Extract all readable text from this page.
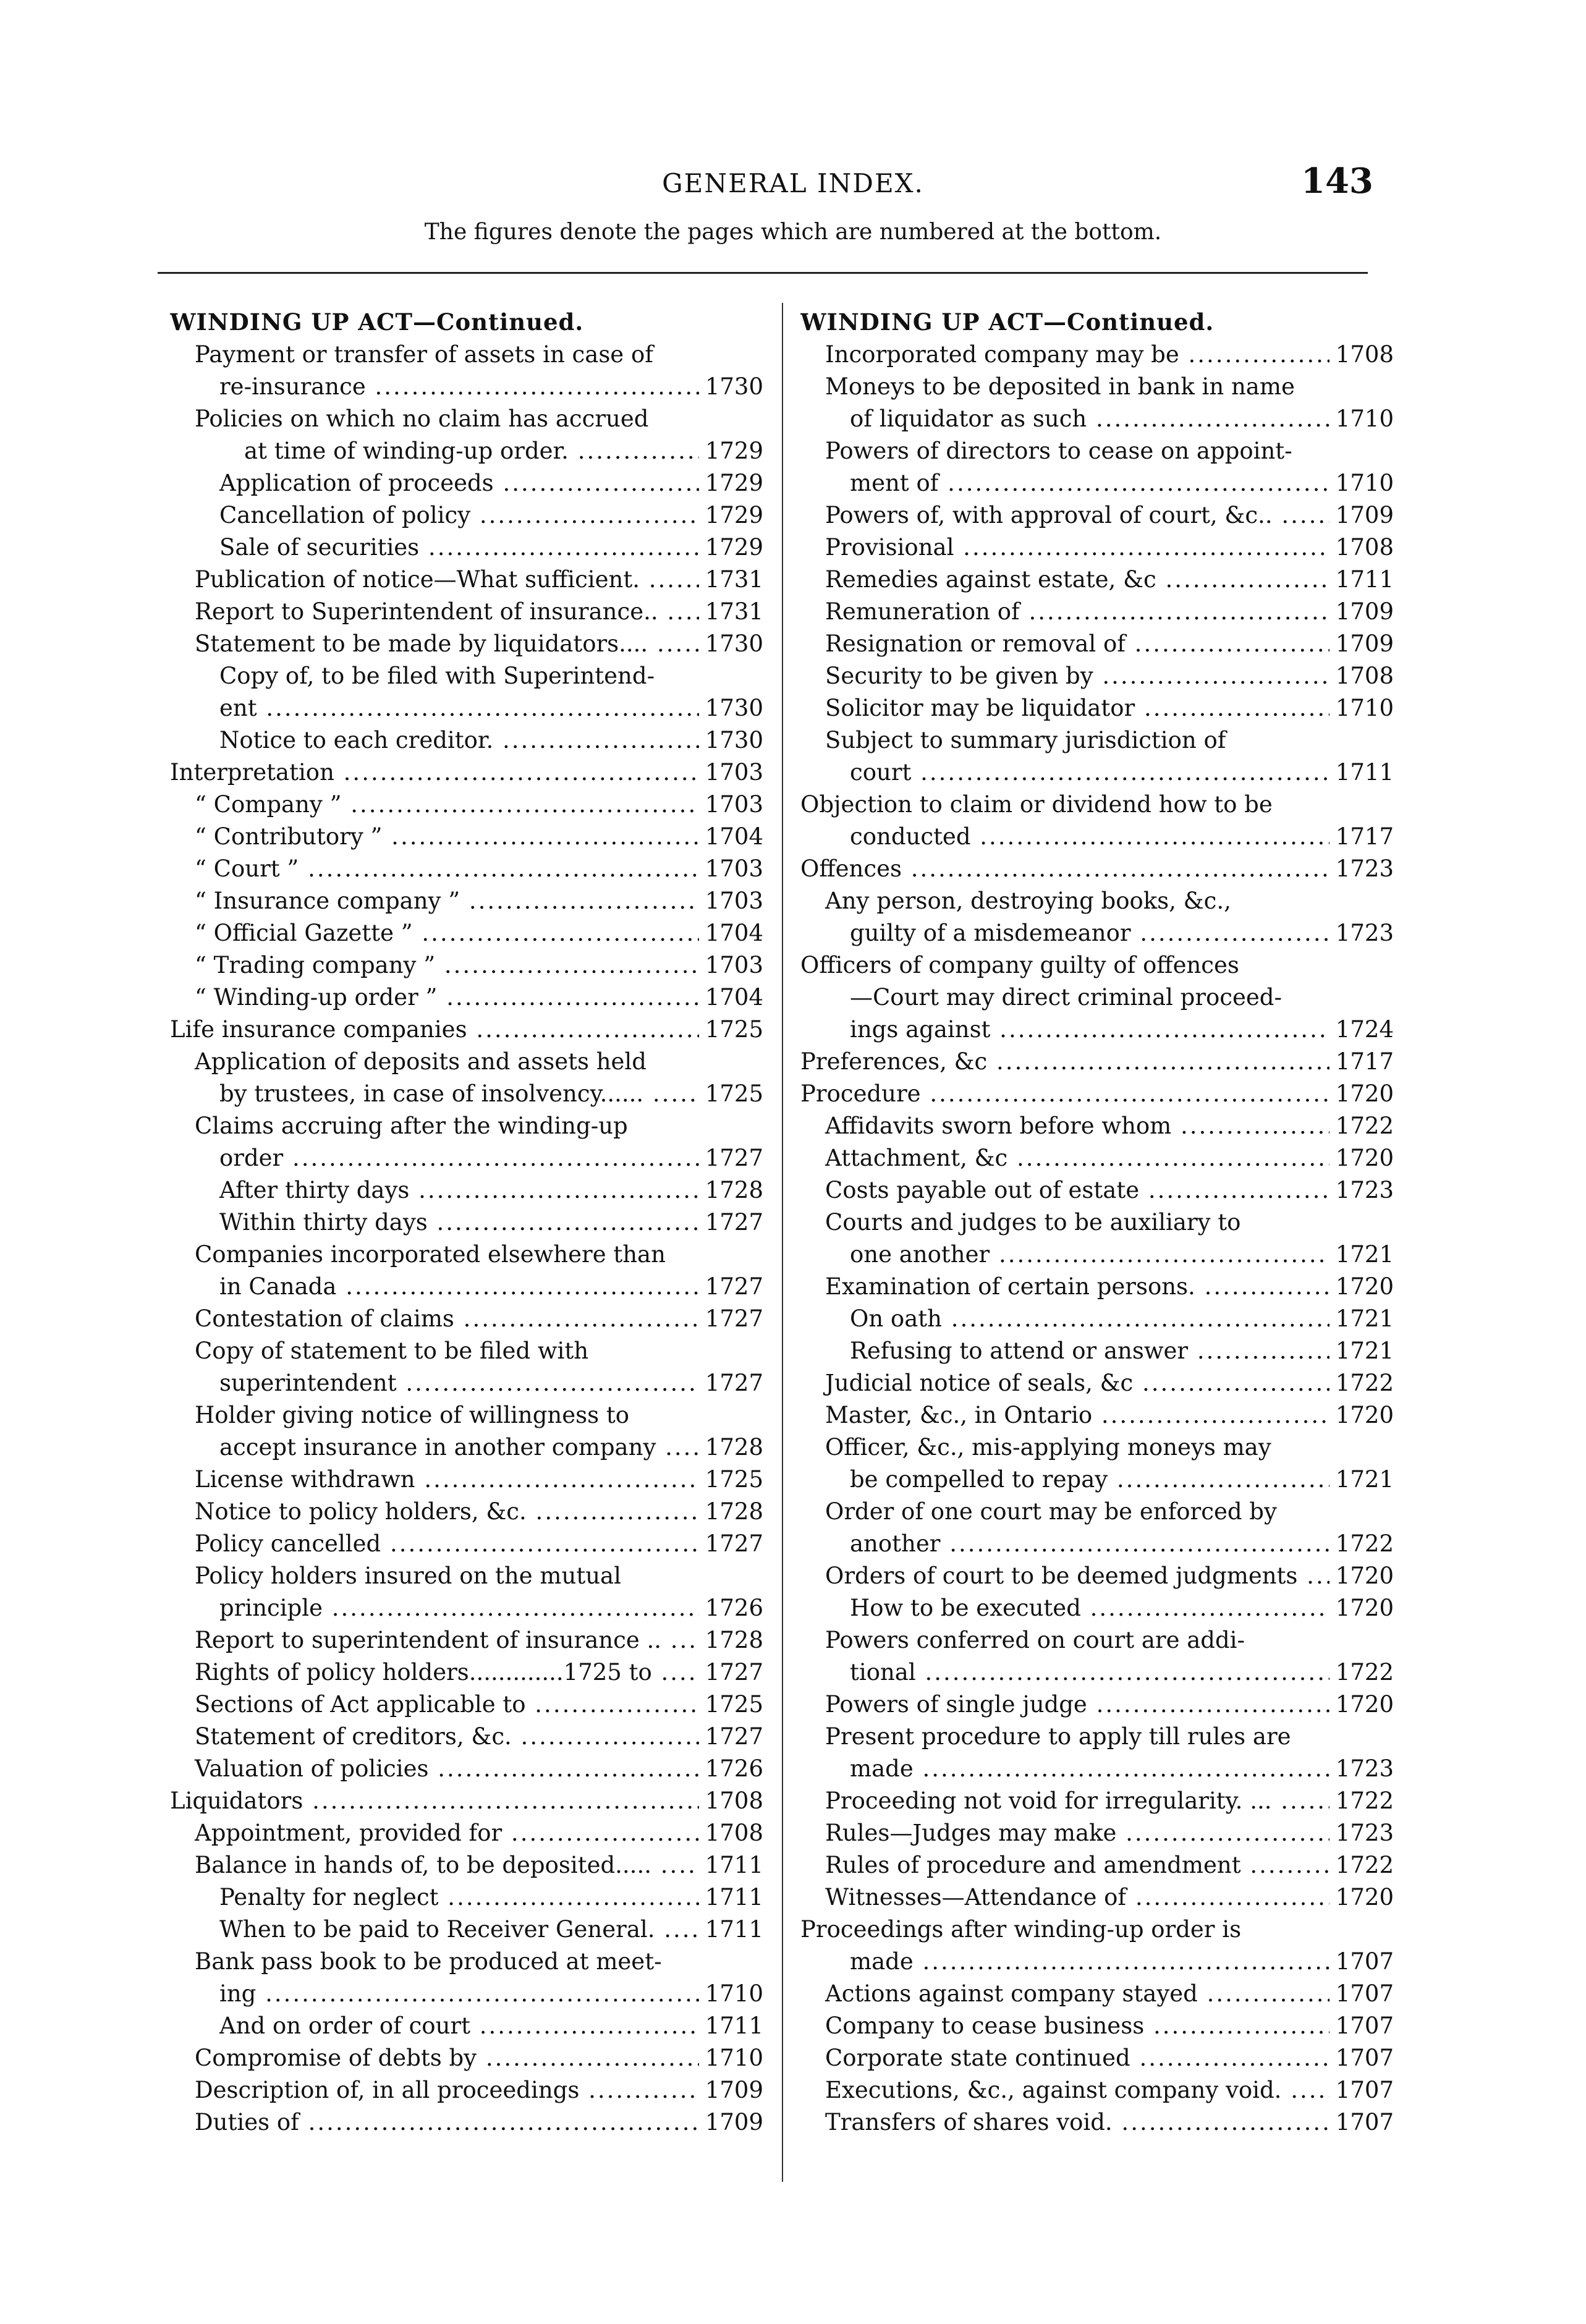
GENERAL INDEX.	143
The figures denote the pages which are numbered at the bottom.
WINDING UP ACT—Continued.
Payment or transfer of assets in case of
re-insurance .....	1730
Policies on which no claim has accrued
at time of winding-up order. .....	1729
Application of proceeds .....	1729
Cancellation of policy .....	1729
Sale of securities .....	1729
Publication of notice—What sufficient. .....	1731
Report to Superintendent of insurance.. ..... 1731
Statement to be made by liquidators.... .....	1730
Copy of, to be filed with Superintend-
ent .....	1730
Notice to each creditor. .....	1730
Interpretation .....	1703
“ Company ” .....	1703
“ Contributory ” .....	1704
“ Court ” .....	1703
“ Insurance company ” .....	1703
“ Official Gazette ” .....	1704
“ Trading company ” .....	1703
“ Winding-up order ” .....	1704
Life insurance companies .....	1725
Application of deposits and assets held
by trustees, in case of insolvency...... .....	1725
Claims accruing after the winding-up
order .....	1727
After thirty days .....	1728
Within thirty days .....	1727
Companies incorporated elsewhere than
in Canada .....	1727
Contestation of claims .....	1727
Copy of statement to be filed with
superintendent .....	1727
Holder giving notice of willingness to
accept insurance in another company ..... 1728
License withdrawn .....	1725
Notice to policy holders, &c. .....	1728
Policy cancelled .....	1727
Policy holders insured on the mutual
principle .....	1726
Report to superintendent of insurance .. ..... 1728
Rights of policy holders.............1725 to ..... 1727
Sections of Act applicable to .....	1725
Statement of creditors, &c. .....	1727
Valuation of policies .....	1726
Liquidators .....	1708
Appointment, provided for .....	1708
Balance in hands of, to be deposited..... ..... 1711
Penalty for neglect .....	1711
When to be paid to Receiver General. ..... 1711
Bank pass book to be produced at meet-
ing .....	1710
And on order of court .....	1711
Compromise of debts by .....	1710
Description of, in all proceedings .....	1709
Duties of .....	1709
WINDING UP ACT—Continued.
Incorporated company may be .....	1708
Moneys to be deposited in bank in name
of liquidator as such .....	1710
Powers of directors to cease on appoint-
ment of .....	1710
Powers of, with approval of court, &c.. .....	1709
Provisional .....	1708
Remedies against estate, &c .....	1711
Remuneration of .....	1709
Resignation or removal of .....	1709
Security to be given by .....	1708
Solicitor may be liquidator .....	1710
Subject to summary jurisdiction of
court .....	1711
Objection to claim or dividend how to be
conducted .....	1717
Offences .....	1723
Any person, destroying books, &c.,
guilty of a misdemeanor .....	1723
Officers of company guilty of offences
—Court may direct criminal proceed-
ings against .....	1724
Preferences, &c .....	1717
Procedure .....	1720
Affidavits sworn before whom .....	1722
Attachment, &c .....	1720
Costs payable out of estate .....	1723
Courts and judges to be auxiliary to
one another .....	1721
Examination of certain persons. .....	1720
On oath .....	1721
Refusing to attend or answer .....	1721
Judicial notice of seals, &c .....	1722
Master, &c., in Ontario .....	1720
Officer, &c., mis-applying moneys may
be compelled to repay .....	1721
Order of one court may be enforced by
another .....	1722
Orders of court to be deemed judgments ..... 1720
How to be executed .....	1720
Powers conferred on court are addi-
tional .....	1722
Powers of single judge .....	1720
Present procedure to apply till rules are
made .....	1723
Proceeding not void for irregularity. ... .....	1722
Rules—Judges may make .....	1723
Rules of procedure and amendment .....	1722
Witnesses—Attendance of .....	1720
Proceedings after winding-up order is
made .....	1707
Actions against company stayed .....	1707
Company to cease business .....	1707
Corporate state continued .....	1707
Executions, &c., against company void. ..... 1707
Transfers of shares void. .....	1707
